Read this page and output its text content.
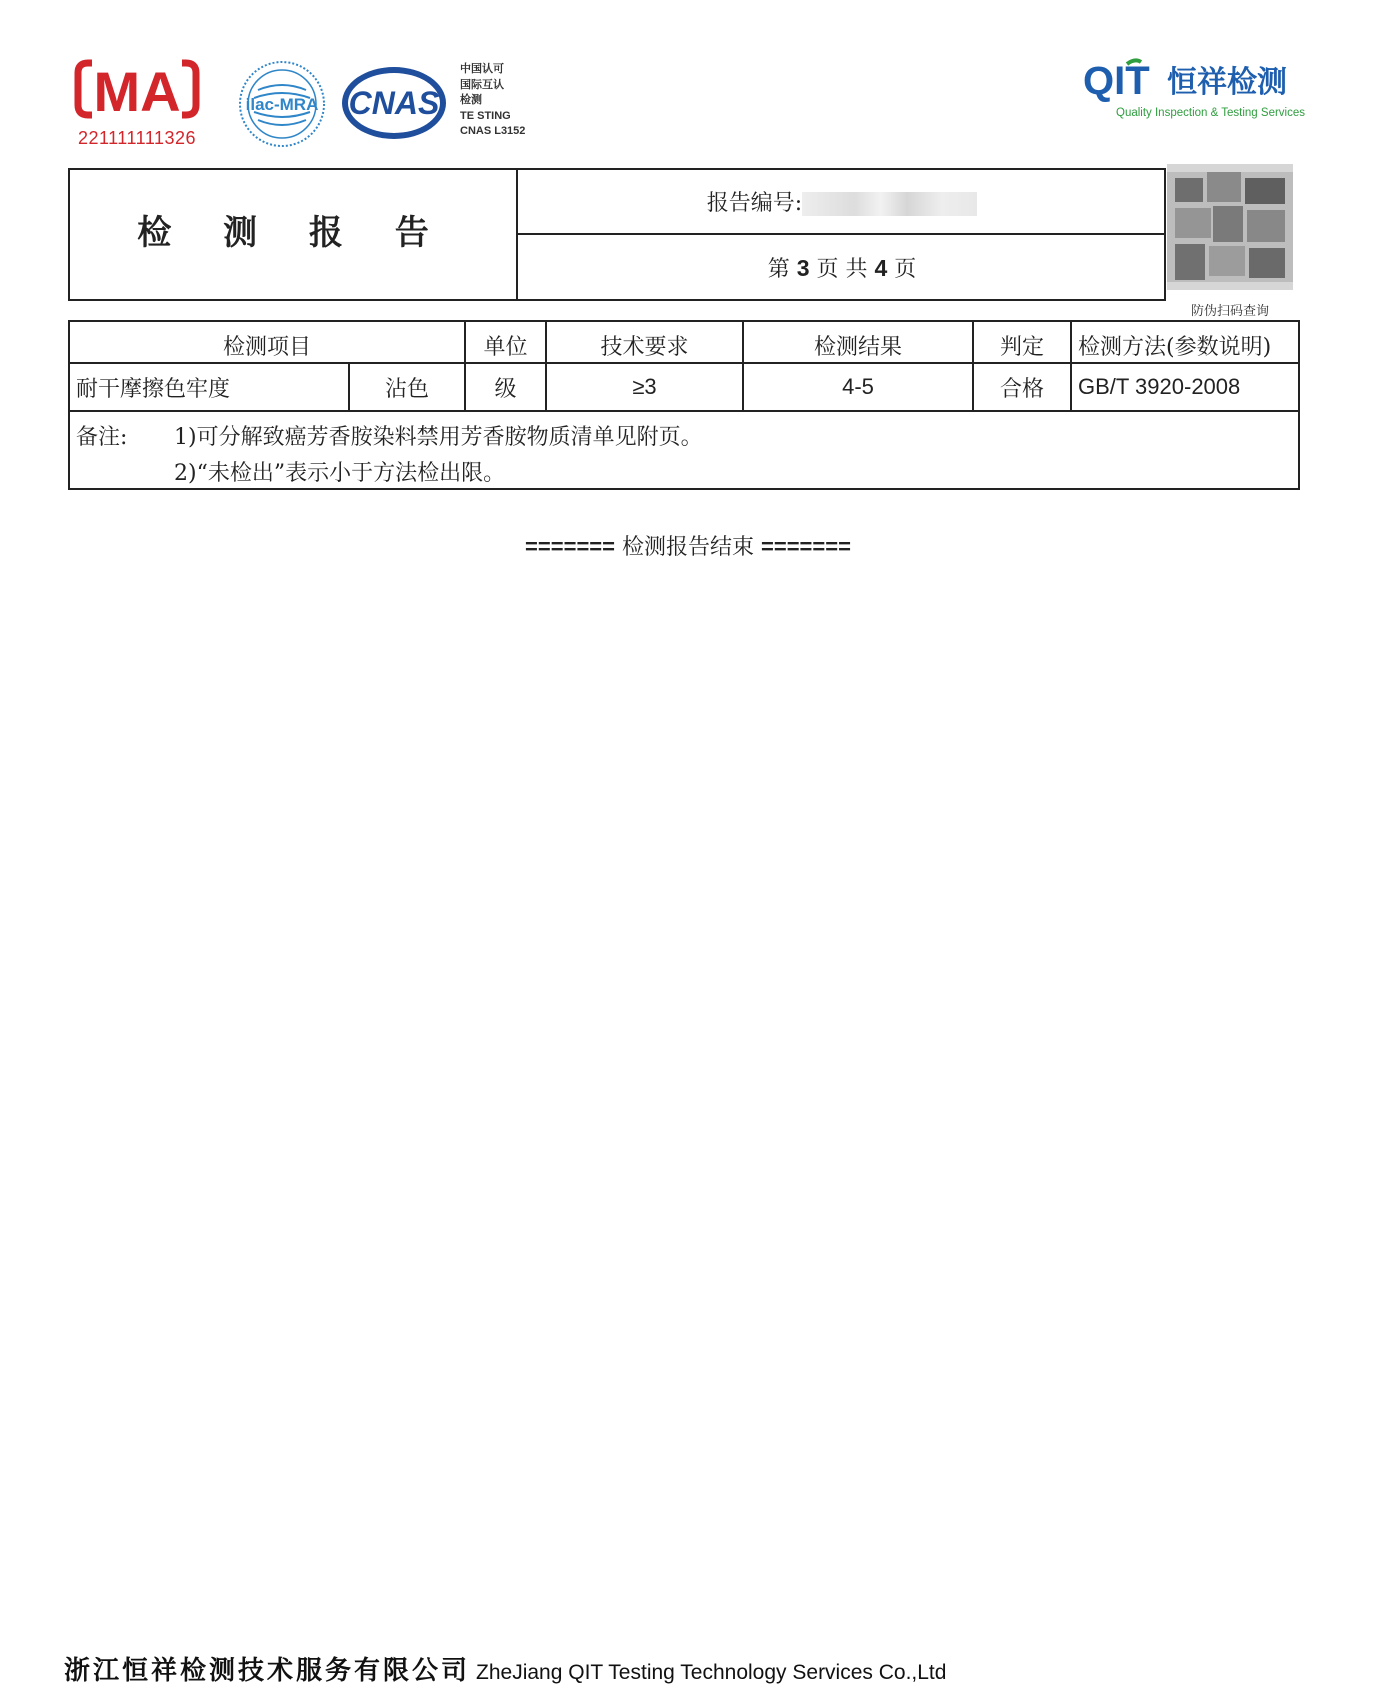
MA
221111111326
ilac-MRA CNAS
中国认可
国际互认
检测
TE STING
CNAS L3152
QIT 恒祥检测
Quality Inspection & Testing Services
检 测 报 告
报告编号:
第 3 页 共 4 页
防伪扫码查询
检测项目	单位	技术要求	检测结果	判定	检测方法(参数说明)
耐干摩擦色牢度	沾色	级	≥3	4-5	合格	GB/T 3920-2008
备注: 1)可分解致癌芳香胺染料禁用芳香胺物质清单见附页。
2)“未检出”表示小于方法检出限。
======= 检测报告结束 =======
浙江恒祥检测技术服务有限公司 ZheJiang QIT Testing Technology Services Co.,Ltd
